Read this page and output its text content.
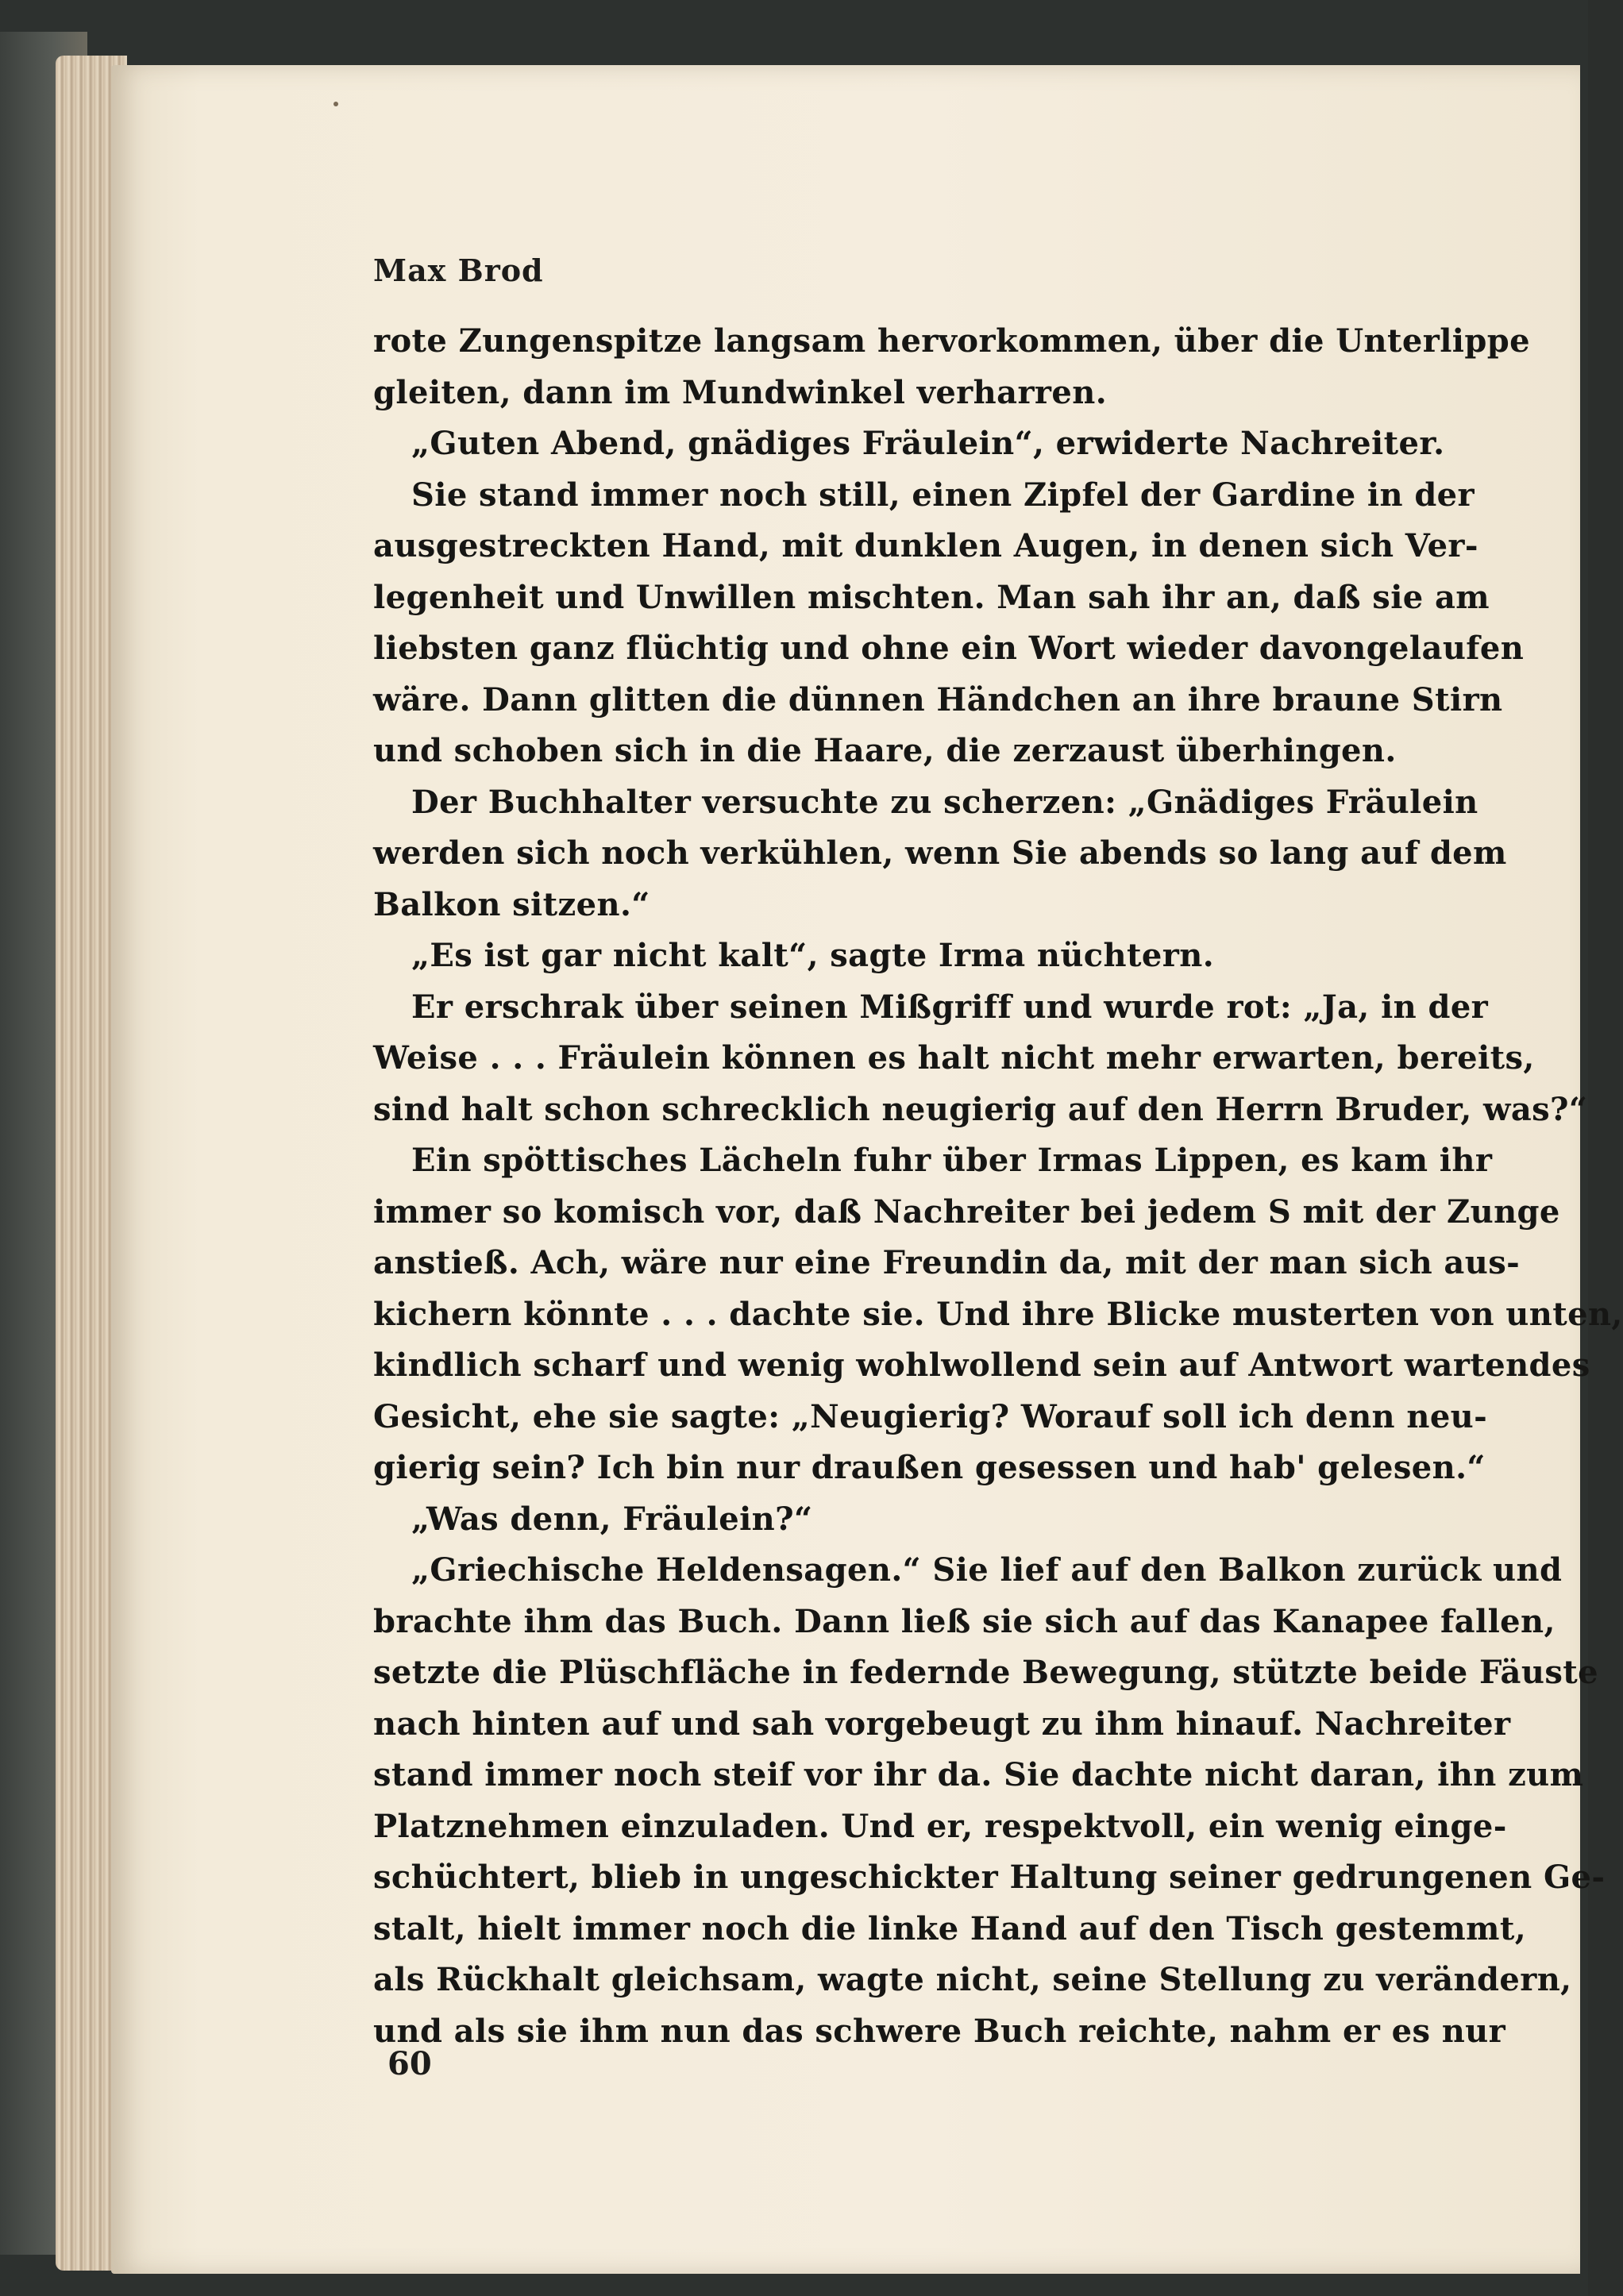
Max Brod
rote Zungenspitze langsam hervorkommen, über die Unterlippe
gleiten, dann im Mundwinkel verharren.
„Guten Abend, gnädiges Fräulein“, erwiderte Nachreiter.
Sie stand immer noch still, einen Zipfel der Gardine in der
ausgestreckten Hand, mit dunklen Augen, in denen sich Ver-
legenheit und Unwillen mischten. Man sah ihr an, daß sie am
liebsten ganz flüchtig und ohne ein Wort wieder davongelaufen
wäre. Dann glitten die dünnen Händchen an ihre braune Stirn
und schoben sich in die Haare, die zerzaust überhingen.
Der Buchhalter versuchte zu scherzen: „Gnädiges Fräulein
werden sich noch verkühlen, wenn Sie abends so lang auf dem
Balkon sitzen.“
„Es ist gar nicht kalt“, sagte Irma nüchtern.
Er erschrak über seinen Mißgriff und wurde rot: „Ja, in der
Weise . . . Fräulein können es halt nicht mehr erwarten, bereits,
sind halt schon schrecklich neugierig auf den Herrn Bruder, was?“
Ein spöttisches Lächeln fuhr über Irmas Lippen, es kam ihr
immer so komisch vor, daß Nachreiter bei jedem S mit der Zunge
anstieß. Ach, wäre nur eine Freundin da, mit der man sich aus-
kichern könnte . . . dachte sie. Und ihre Blicke musterten von unten,
kindlich scharf und wenig wohlwollend sein auf Antwort wartendes
Gesicht, ehe sie sagte: „Neugierig? Worauf soll ich denn neu-
gierig sein? Ich bin nur draußen gesessen und hab' gelesen.“
„Was denn, Fräulein?“
„Griechische Heldensagen.“ Sie lief auf den Balkon zurück und
brachte ihm das Buch. Dann ließ sie sich auf das Kanapee fallen,
setzte die Plüschfläche in federnde Bewegung, stützte beide Fäuste
nach hinten auf und sah vorgebeugt zu ihm hinauf. Nachreiter
stand immer noch steif vor ihr da. Sie dachte nicht daran, ihn zum
Platznehmen einzuladen. Und er, respektvoll, ein wenig einge-
schüchtert, blieb in ungeschickter Haltung seiner gedrungenen Ge-
stalt, hielt immer noch die linke Hand auf den Tisch gestemmt,
als Rückhalt gleichsam, wagte nicht, seine Stellung zu verändern,
und als sie ihm nun das schwere Buch reichte, nahm er es nur
60
